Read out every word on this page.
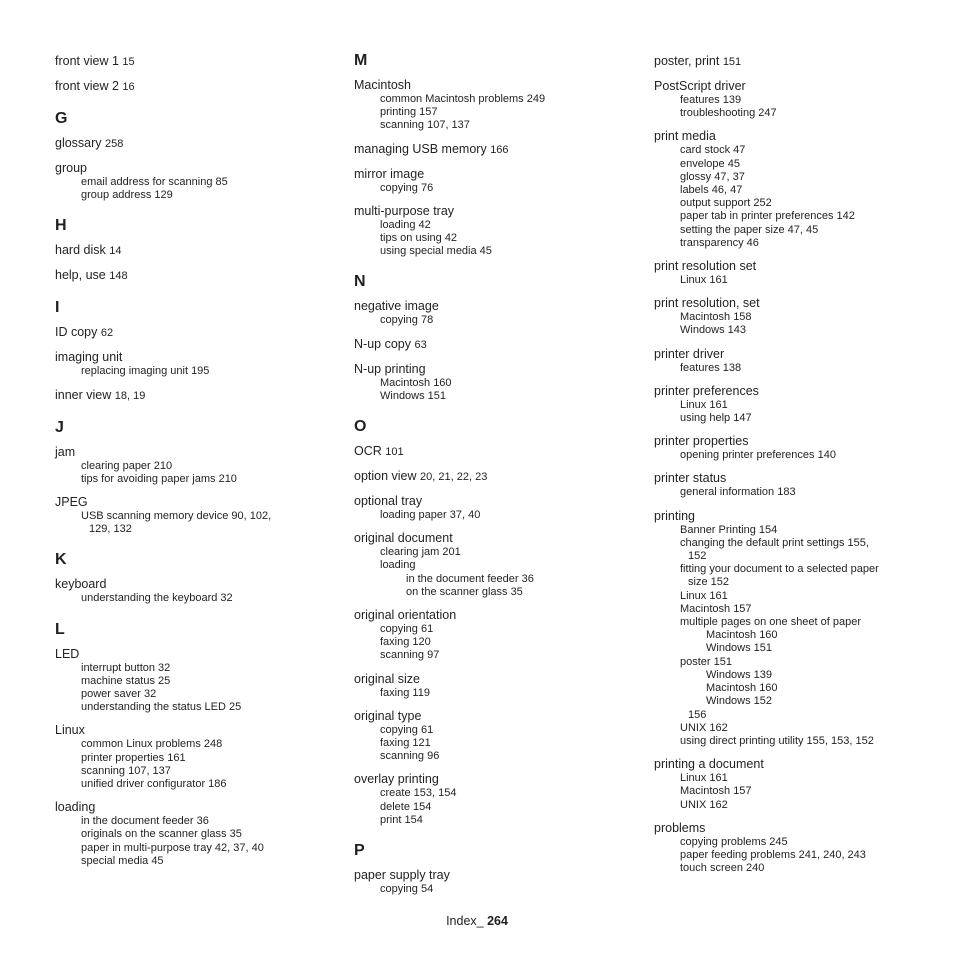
front view 1 15
front view 2 16
G
glossary 258
group
email address for scanning 85
group address 129
H
hard disk 14
help, use 148
I
ID copy 62
imaging unit
replacing imaging unit 195
inner view 18, 19
J
jam
clearing paper 210
tips for avoiding paper jams 210
JPEG
USB scanning memory device 90, 102,
129, 132
K
keyboard
understanding the keyboard 32
L
LED
interrupt button 32
machine status 25
power saver 32
understanding the status LED 25
Linux
common Linux problems 248
printer properties 161
scanning 107, 137
unified driver configurator 186
loading
in the document feeder 36
originals on the scanner glass 35
paper in multi-purpose tray 42, 37, 40
special media 45
M
Macintosh
common Macintosh problems 249
printing 157
scanning 107, 137
managing USB memory 166
mirror image
copying 76
multi-purpose tray
loading 42
tips on using 42
using special media 45
N
negative image
copying 78
N-up copy 63
N-up printing
Macintosh 160
Windows 151
O
OCR 101
option view 20, 21, 22, 23
optional tray
loading paper 37, 40
original document
clearing jam 201
loading
in the document feeder 36
on the scanner glass 35
original orientation
copying 61
faxing 120
scanning 97
original size
faxing 119
original type
copying 61
faxing 121
scanning 96
overlay printing
create 153, 154
delete 154
print 154
P
paper supply tray
copying 54
poster, print 151
PostScript driver
features 139
troubleshooting 247
print media
card stock 47
envelope 45
glossy 47, 37
labels 46, 47
output support 252
paper tab in printer preferences 142
setting the paper size 47, 45
transparency 46
print resolution set
Linux 161
print resolution, set
Macintosh 158
Windows 143
printer driver
features 138
printer preferences
Linux 161
using help 147
printer properties
opening printer preferences 140
printer status
general information 183
printing
Banner Printing 154
changing the default print settings 155,
152
fitting your document to a selected paper
size 152
Linux 161
Macintosh 157
multiple pages on one sheet of paper
Macintosh 160
Windows 151
poster 151
Windows 139
Macintosh 160
Windows 152
156
UNIX 162
using direct printing utility 155, 153, 152
printing a document
Linux 161
Macintosh 157
UNIX 162
problems
copying problems 245
paper feeding problems 241, 240, 243
touch screen 240
Index_ 264
